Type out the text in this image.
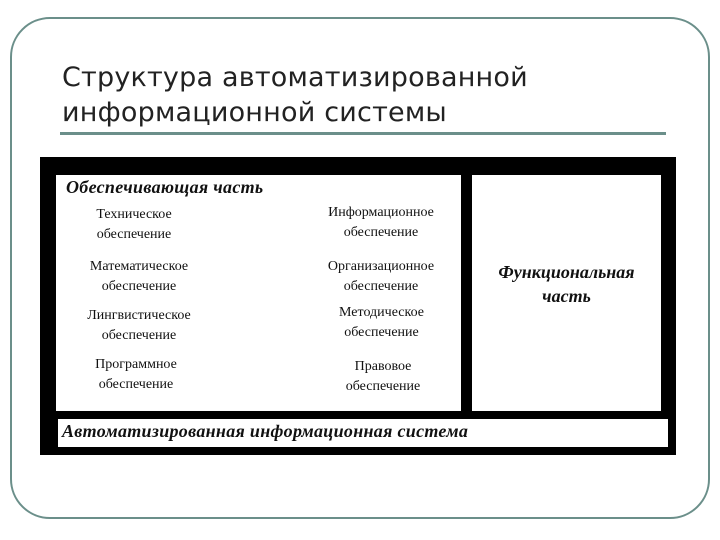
Структура автоматизированной
информационной системы
Обеспечивающая часть
Техническое
обеспечение
Информационное
обеспечение
Математическое
обеспечение
Организационное
обеспечение
Лингвистическое
обеспечение
Методическое
обеспечение
Программное
обеспечение
Правовое
обеспечение
Функциональная
часть
Автоматизированная информационная система
